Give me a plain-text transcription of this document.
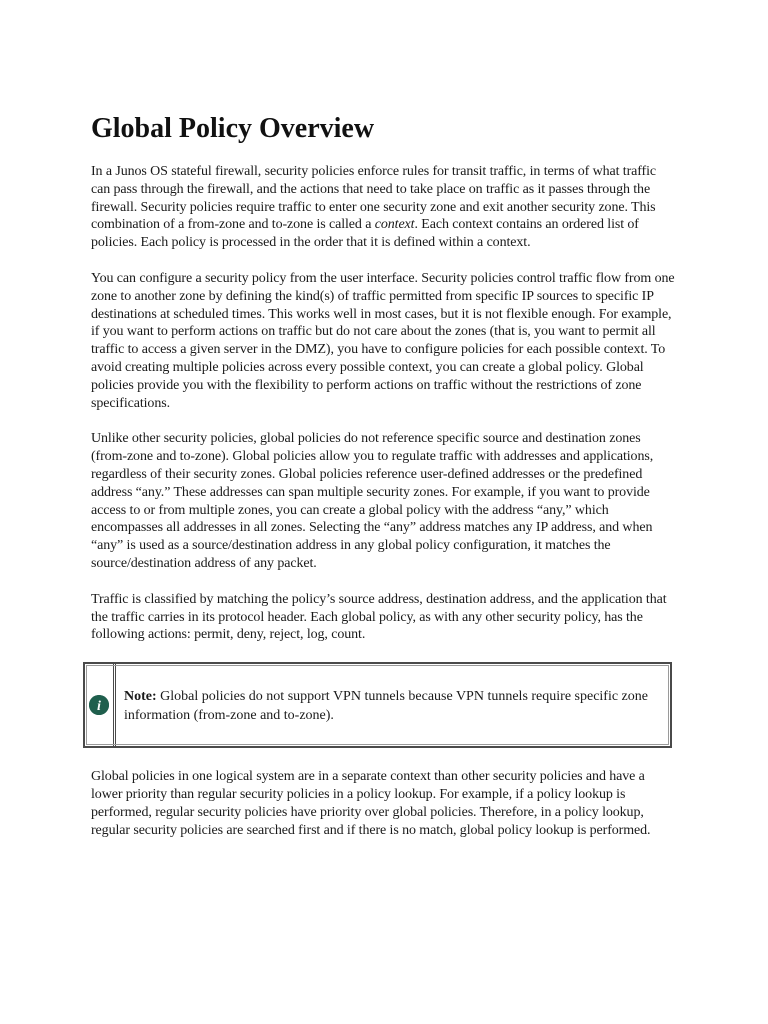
Global Policy Overview

In a Junos OS stateful firewall, security policies enforce rules for transit traffic, in terms of what traffic can pass through the firewall, and the actions that need to take place on traffic as it passes through the firewall. Security policies require traffic to enter one security zone and exit another security zone. This combination of a from-zone and to-zone is called a context. Each context contains an ordered list of policies. Each policy is processed in the order that it is defined within a context.

You can configure a security policy from the user interface. Security policies control traffic flow from one zone to another zone by defining the kind(s) of traffic permitted from specific IP sources to specific IP destinations at scheduled times. This works well in most cases, but it is not flexible enough. For example, if you want to perform actions on traffic but do not care about the zones (that is, you want to permit all traffic to access a given server in the DMZ), you have to configure policies for each possible context. To avoid creating multiple policies across every possible context, you can create a global policy. Global policies provide you with the flexibility to perform actions on traffic without the restrictions of zone specifications.

Unlike other security policies, global policies do not reference specific source and destination zones (from-zone and to-zone). Global policies allow you to regulate traffic with addresses and applications, regardless of their security zones. Global policies reference user-defined addresses or the predefined address “any.” These addresses can span multiple security zones. For example, if you want to provide access to or from multiple zones, you can create a global policy with the address “any,” which encompasses all addresses in all zones. Selecting the “any” address matches any IP address, and when “any” is used as a source/destination address in any global policy configuration, it matches the source/destination address of any packet.

Traffic is classified by matching the policy’s source address, destination address, and the application that the traffic carries in its protocol header. Each global policy, as with any other security policy, has the following actions: permit, deny, reject, log, count.

i
Note: Global policies do not support VPN tunnels because VPN tunnels require specific zone information (from-zone and to-zone).

Global policies in one logical system are in a separate context than other security policies and have a lower priority than regular security policies in a policy lookup. For example, if a policy lookup is performed, regular security policies have priority over global policies. Therefore, in a policy lookup, regular security policies are searched first and if there is no match, global policy lookup is performed.
